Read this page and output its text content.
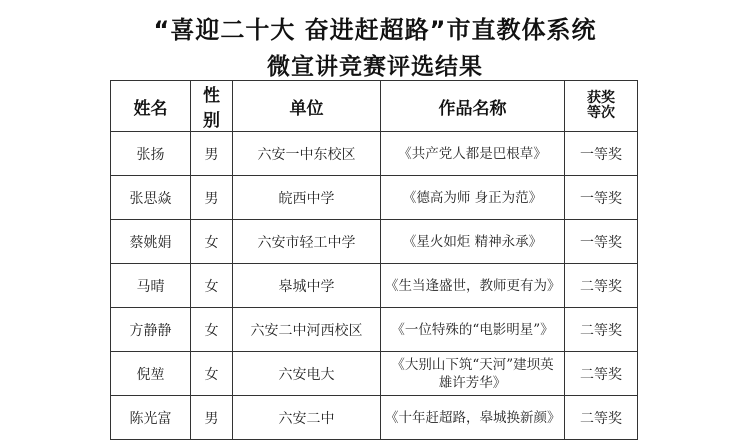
“喜迎二十大 奋进赶超路”市直教体系统
微宣讲竞赛评选结果
姓名	性别	单位	作品名称	获奖
等次

张扬	男	六安一中东校区	《共产党人都是巴根草》	一等奖
张思焱	男	皖西中学	《德高为师 身正为范》	一等奖
蔡姚娟	女	六安市轻工中学	《星火如炬 精神永承》	一等奖
马晴	女	皋城中学	《生当逢盛世，教师更有为》	二等奖
方静静	女	六安二中河西校区	《一位特殊的“电影明星”》	二等奖
倪堃	女	六安电大	《大别山下筑“天河”建坝英雄许芳华》	二等奖
陈光富	男	六安二中	《十年赶超路，皋城换新颜》	二等奖
